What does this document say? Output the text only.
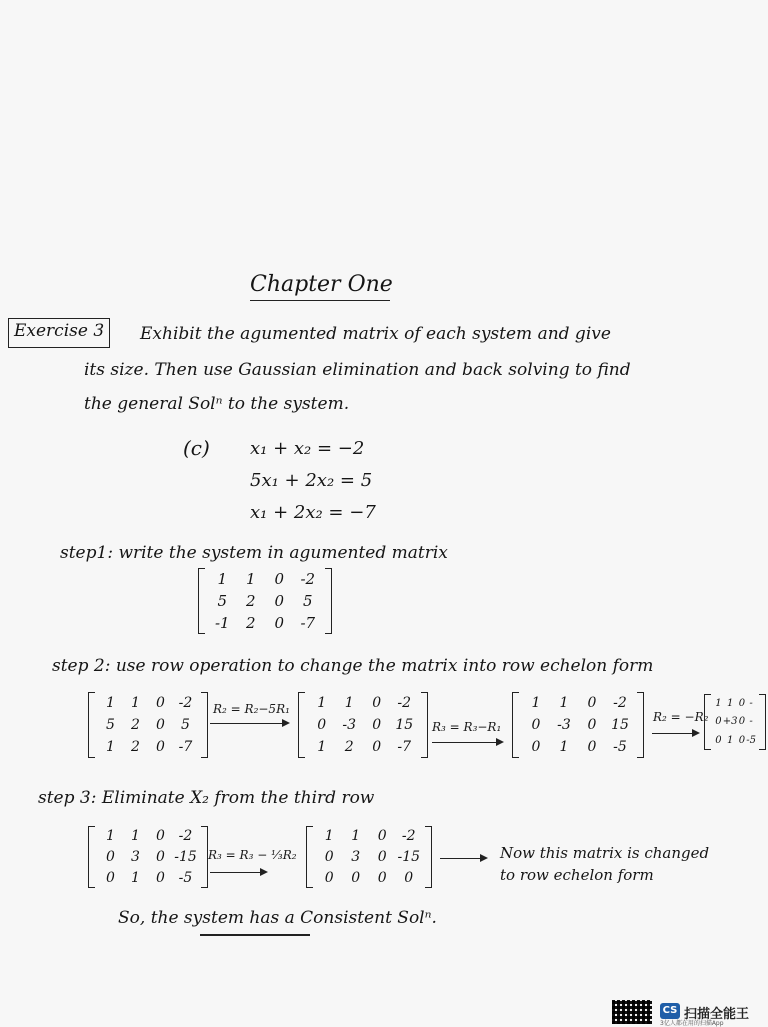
Chapter One
Exercise 3 Exhibit the agumented matrix of each system and give
its size. Then use Gaussian elimination and back solving to find
the general Solⁿ to the system.
(c) x₁ + x₂ = −2
5x₁ + 2x₂ = 5
x₁ + 2x₂ = −7
step1: write the system in agumented matrix
1 1 0 -2
5 2 0 5
-1 2 0 -7
step 2: use row operation to change the matrix into row echelon form
1 1 0 -2
5 2 0 5
1 2 0 -7
R₂ = R₂−5R₁ 1 1 0 -2
0 -3 0 15
1 2 0 -7
R₃ = R₃−R₁
1 1 0 -2
0 -3 0 15
0 1 0 -5
R₂ = −R₂
1 1 0 -
0 +3 0 -
0 1 0 -5
step 3: Eliminate X₂ from the third row
1 1 0 -2
0 3 0 -15
0 1 0 -5
R₃ = R₃ − ⅓R₂
1 1 0 -2
0 3 0 -15
0 0 0 0
Now this matrix is changed
to row echelon form
So, the system has a Consistent Solⁿ.
CS 扫描全能王
3亿人都在用的扫描App
